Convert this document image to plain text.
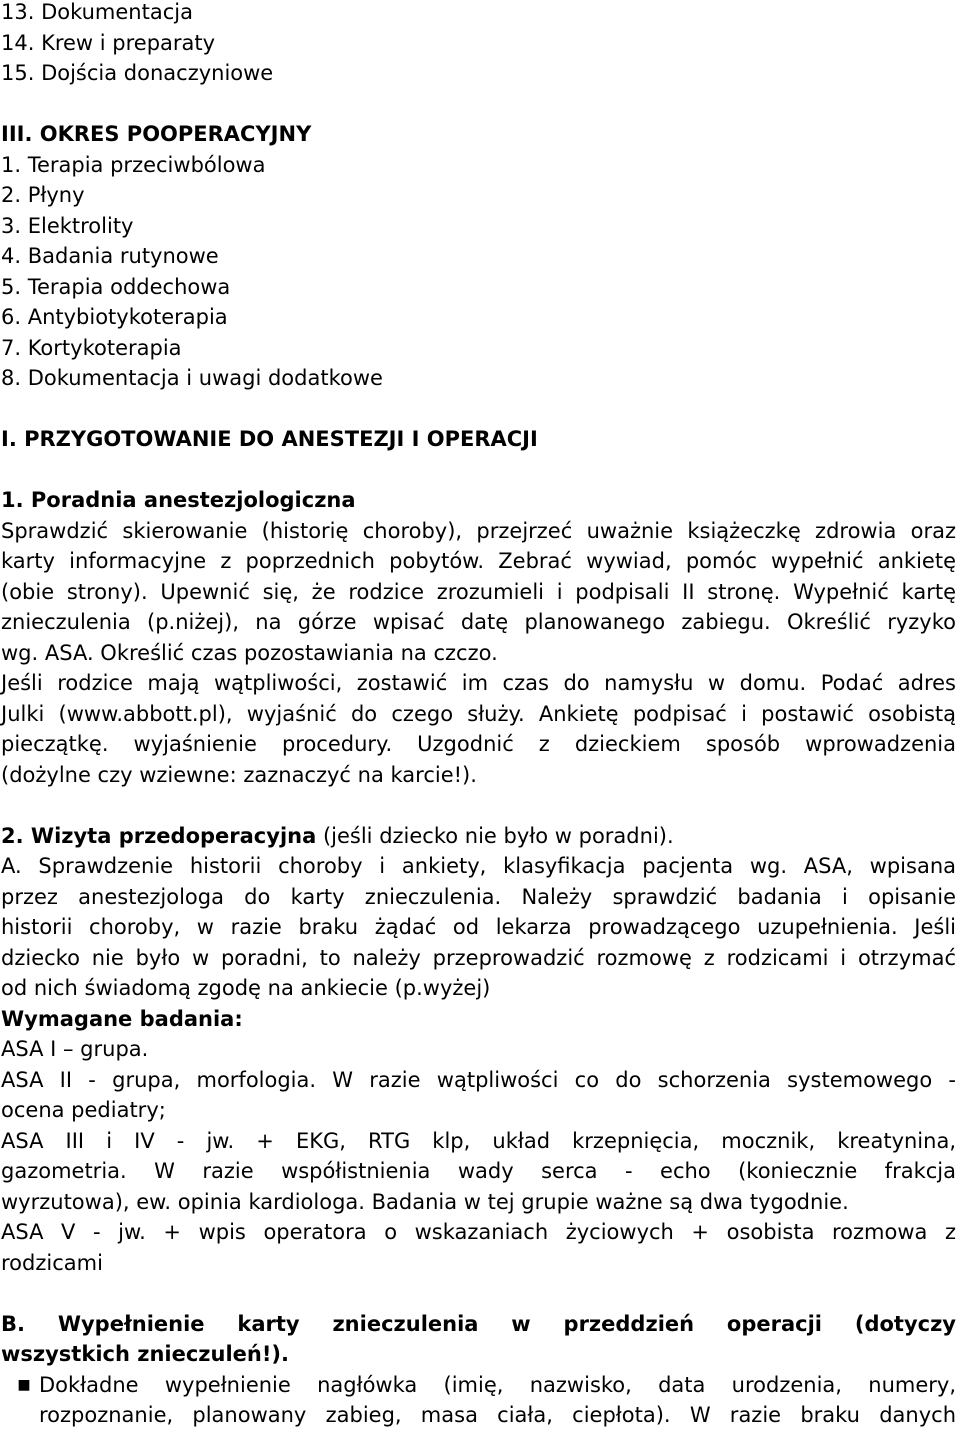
13. Dokumentacja
14. Krew i preparaty
15. Dojścia donaczyniowe
III. OKRES POOPERACYJNY
1. Terapia przeciwbólowa
2. Płyny
3. Elektrolity
4. Badania rutynowe
5. Terapia oddechowa
6. Antybiotykoterapia
7. Kortykoterapia
8. Dokumentacja i uwagi dodatkowe
I. PRZYGOTOWANIE DO ANESTEZJI I OPERACJI
1. Poradnia anestezjologiczna
Sprawdzić skierowanie (historię choroby), przejrzeć uważnie książeczkę zdrowia oraz
karty informacyjne z poprzednich pobytów. Zebrać wywiad, pomóc wypełnić ankietę
(obie strony). Upewnić się, że rodzice zrozumieli i podpisali II stronę. Wypełnić kartę
znieczulenia (p.niżej), na górze wpisać datę planowanego zabiegu. Określić ryzyko
wg. ASA. Określić czas pozostawiania na czczo.
Jeśli rodzice mają wątpliwości, zostawić im czas do namysłu w domu. Podać adres
Julki (www.abbott.pl), wyjaśnić do czego służy. Ankietę podpisać i postawić osobistą
pieczątkę. wyjaśnienie procedury. Uzgodnić z dzieckiem sposób wprowadzenia
(dożylne czy wziewne: zaznaczyć na karcie!).
2. Wizyta przedoperacyjna (jeśli dziecko nie było w poradni).
A. Sprawdzenie historii choroby i ankiety, klasyfikacja pacjenta wg. ASA, wpisana
przez anestezjologa do karty znieczulenia. Należy sprawdzić badania i opisanie
historii choroby, w razie braku żądać od lekarza prowadzącego uzupełnienia. Jeśli
dziecko nie było w poradni, to należy przeprowadzić rozmowę z rodzicami i otrzymać
od nich świadomą zgodę na ankiecie (p.wyżej)
Wymagane badania:
ASA I – grupa.
ASA II - grupa, morfologia. W razie wątpliwości co do schorzenia systemowego -
ocena pediatry;
ASA III i IV - jw. + EKG, RTG klp, układ krzepnięcia, mocznik, kreatynina,
gazometria. W razie współistnienia wady serca - echo (koniecznie frakcja
wyrzutowa), ew. opinia kardiologa. Badania w tej grupie ważne są dwa tygodnie.
ASA V - jw. + wpis operatora o wskazaniach życiowych + osobista rozmowa z
rodzicami
B. Wypełnienie karty znieczulenia w przeddzień operacji (dotyczy
wszystkich znieczuleń!).
■ Dokładne wypełnienie nagłówka (imię, nazwisko, data urodzenia, numery,
rozpoznanie, planowany zabieg, masa ciała, ciepłota). W razie braku danych
